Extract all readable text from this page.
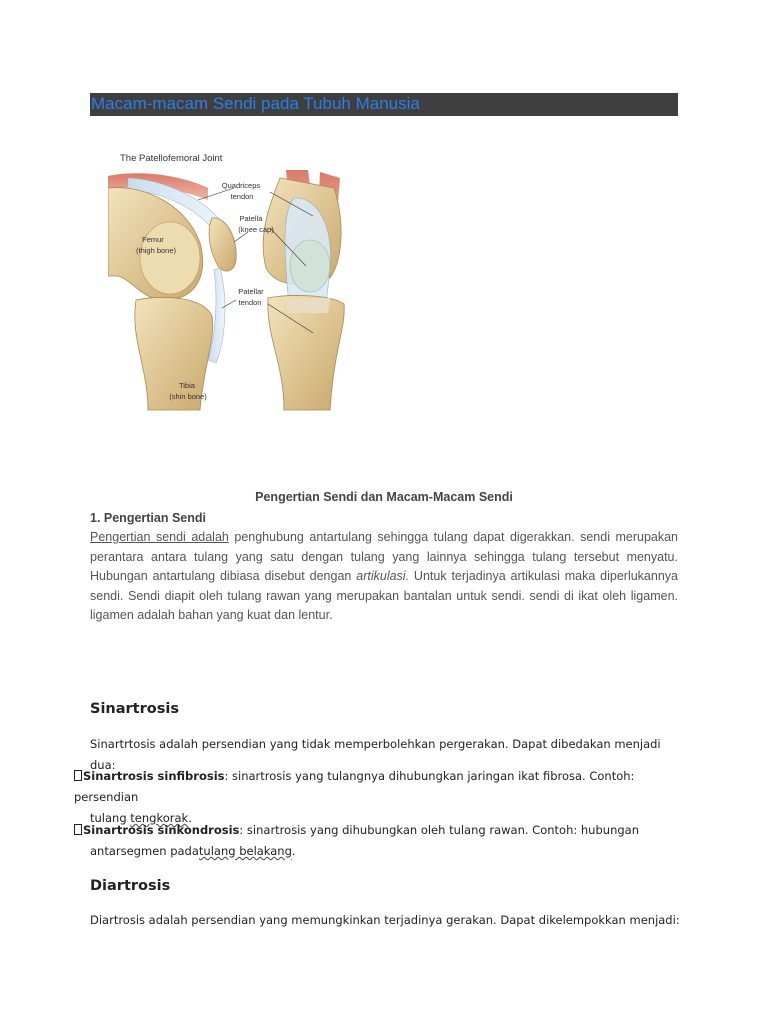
Macam-macam Sendi pada Tubuh Manusia
The Patellofemoral Joint
Quadriceps tendon
Patella (knee cap)
Femur (thigh bone)
Patellar tendon
Tibia (shin bone)
Pengertian Sendi dan Macam-Macam Sendi
1. Pengertian Sendi
Pengertian sendi adalah penghubung antartulang sehingga tulang dapat digerakkan. sendi merupakan perantara antara tulang yang satu dengan tulang yang lainnya sehingga tulang tersebut menyatu. Hubungan antartulang dibiasa disebut dengan artikulasi. Untuk terjadinya artikulasi maka diperlukannya sendi. Sendi diapit oleh tulang rawan yang merupakan bantalan untuk sendi. sendi di ikat oleh ligamen. ligamen adalah bahan yang kuat dan lentur.
Sinartrosis
Sinartrtosis adalah persendian yang tidak memperbolehkan pergerakan. Dapat dibedakan menjadi dua:
Sinartrosis sinfibrosis: sinartrosis yang tulangnya dihubungkan jaringan ikat fibrosa. Contoh: persendian
tulang tengkorak.
Sinartrosis sinkondrosis: sinartrosis yang dihubungkan oleh tulang rawan. Contoh: hubungan
antarsegmen padatulang belakang.
Diartrosis
Diartrosis adalah persendian yang memungkinkan terjadinya gerakan. Dapat dikelempokkan menjadi:
